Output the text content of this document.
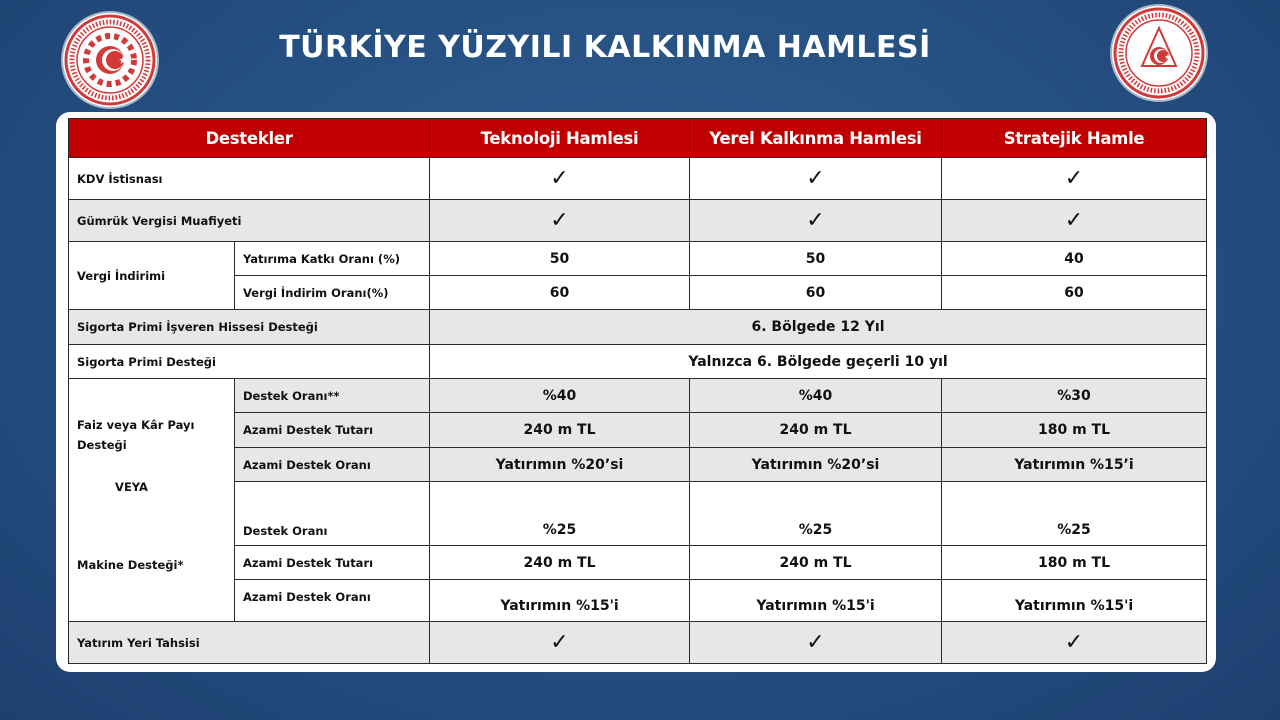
TÜRKİYE YÜZYILI KALKINMA HAMLESİ
Destekler		Teknoloji Hamlesi	Yerel Kalkınma Hamlesi	Stratejik Hamle
KDV İstisnası		✓	✓	✓
Gümrük Vergisi Muafiyeti		✓	✓	✓
Vergi İndirimi	Yatırıma Katkı Oranı (%)	50	50	40
	Vergi İndirim Oranı(%)	60	60	60
Sigorta Primi İşveren Hissesi Desteği		6. Bölgede 12 Yıl		
Sigorta Primi Desteği		Yalnızca 6. Bölgede geçerli 10 yıl		

Faiz veya Kâr Payı
Desteği
VEYA
Makine Desteği*	Destek Oranı**	%40	%40	%30
	Azami Destek Tutarı	240 m TL	240 m TL	180 m TL
	Azami Destek Oranı	Yatırımın %20’si	Yatırımın %20’si	Yatırımın %15’i
	Destek Oranı	%25	%25	%25
	Azami Destek Tutarı	240 m TL	240 m TL	180 m TL
	Azami Destek Oranı	Yatırımın %15'i	Yatırımın %15'i	Yatırımın %15'i
Yatırım Yeri Tahsisi		✓	✓	✓
